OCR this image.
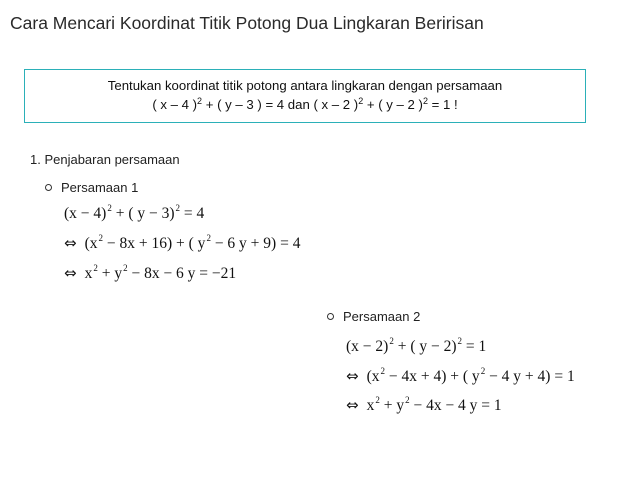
Cara Mencari Koordinat Titik Potong Dua Lingkaran Beririsan
Tentukan koordinat titik potong antara lingkaran dengan persamaan
( x – 4 )$^2$ + ( y – 3 ) = 4 dan ( x – 2 )$^2$ + ( y – 2 )$^2$ = 1 !
1. Penjabaran persamaan
Persamaan 1
$(x - 4)^2$ + ( y − 3)$^2$ = 4
⇔ $(x^2 - 8x + 16)$ + ( $y^2 - 6$ y + 9) = 4
⇔ $x^2 + y^2 - 8x - 6$ y = −21
Persamaan 2
$(x - 2)^2$ + ( y − 2)$^2$ = 1
⇔ $(x^2 - 4x + 4)$ + ( $y^2 - 4$ y + 4) = 1
⇔ $x^2 + y^2 - 4x - 4$ y = 1
